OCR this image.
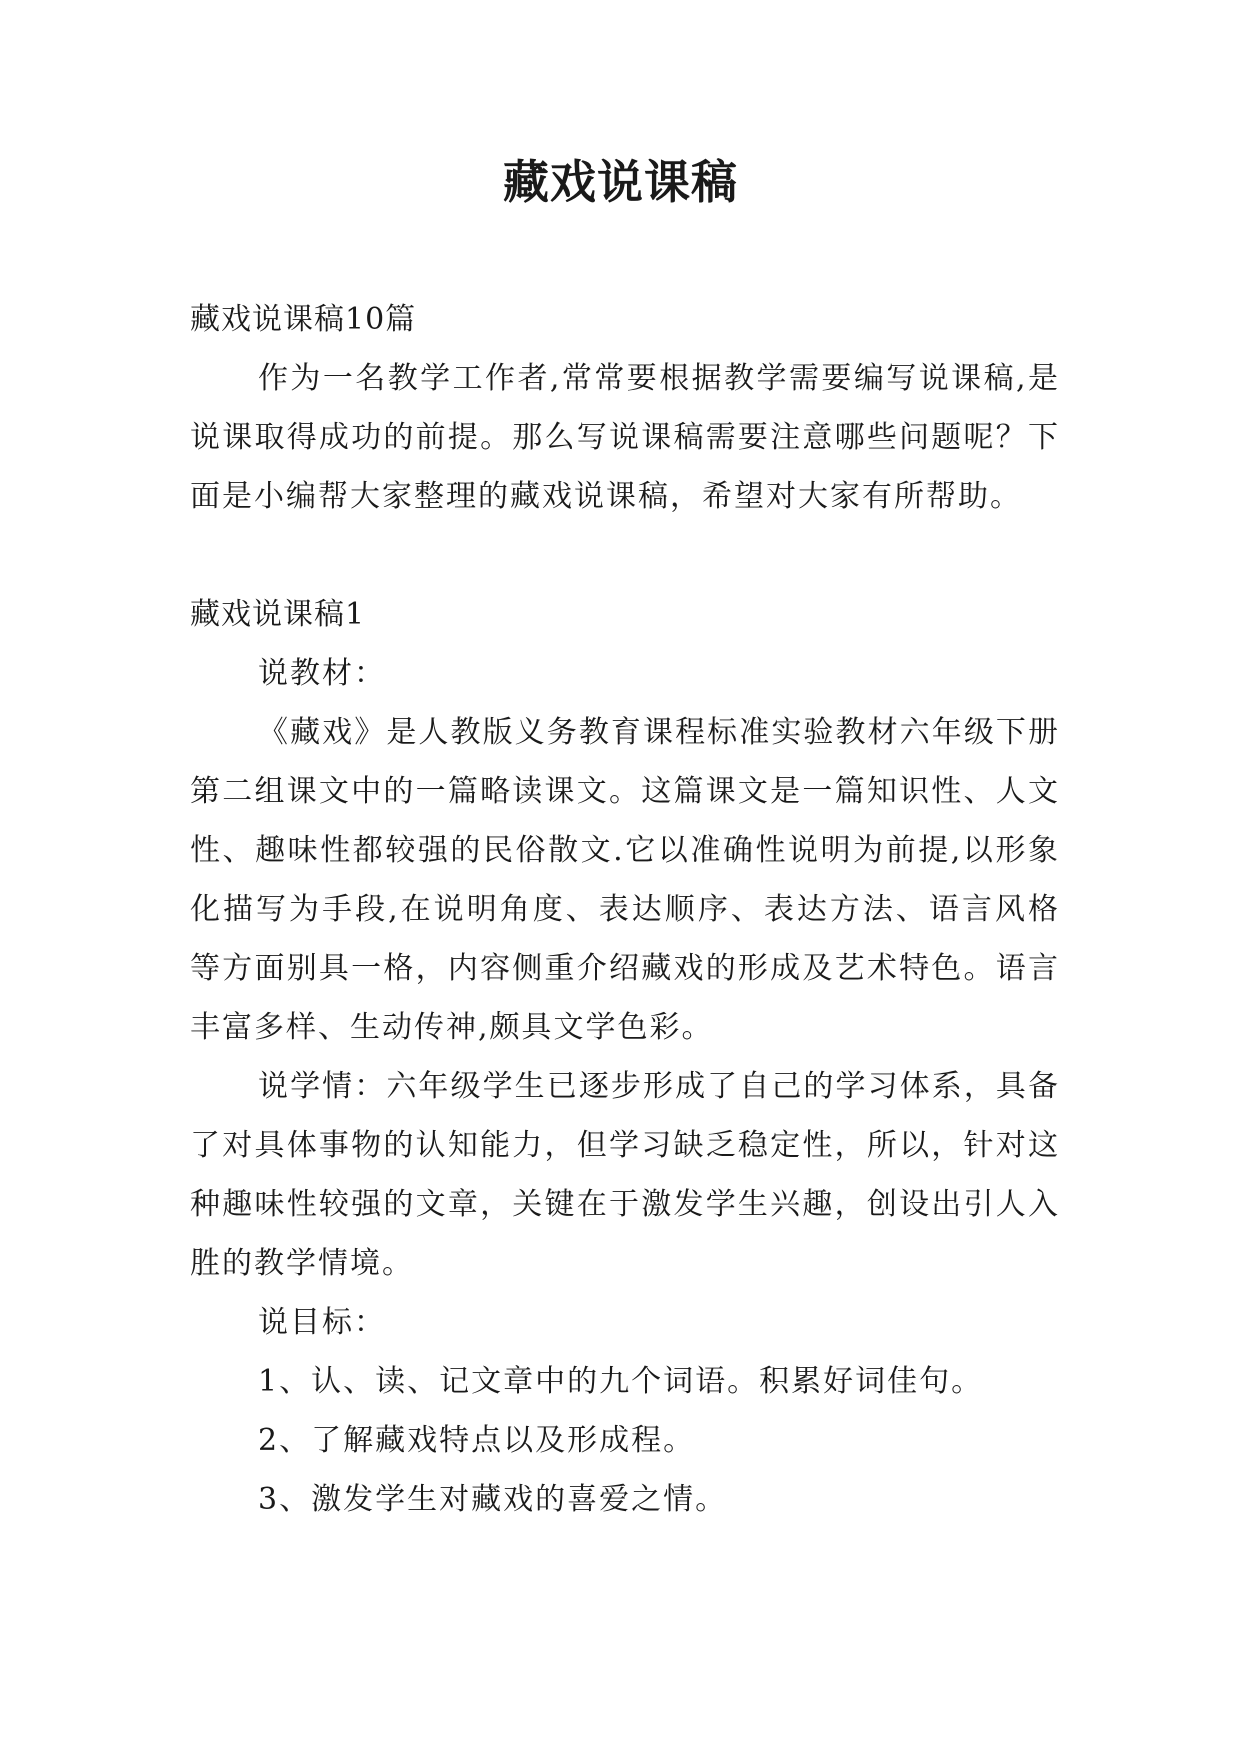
藏戏说课稿

藏戏说课稿10篇

作为一名教学工作者,常常要根据教学需要编写说课稿,是说课取得成功的前提。那么写说课稿需要注意哪些问题呢？下面是小编帮大家整理的藏戏说课稿，希望对大家有所帮助。

藏戏说课稿1

说教材：

《藏戏》是人教版义务教育课程标准实验教材六年级下册第二组课文中的一篇略读课文。这篇课文是一篇知识性、人文性、趣味性都较强的民俗散文.它以准确性说明为前提,以形象化描写为手段,在说明角度、表达顺序、表达方法、语言风格等方面别具一格，内容侧重介绍藏戏的形成及艺术特色。语言丰富多样、生动传神,颇具文学色彩。

说学情：六年级学生已逐步形成了自己的学习体系，具备了对具体事物的认知能力，但学习缺乏稳定性，所以，针对这种趣味性较强的文章，关键在于激发学生兴趣，创设出引人入胜的教学情境。

说目标：

1、认、读、记文章中的九个词语。积累好词佳句。

2、了解藏戏特点以及形成程。

3、激发学生对藏戏的喜爱之情。
